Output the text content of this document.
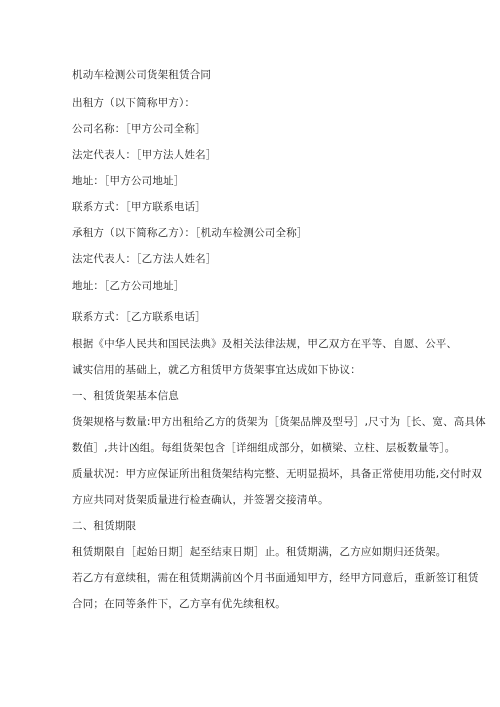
机动车检测公司货架租赁合同
出租方（以下简称甲方）：
公司名称：［甲方公司全称］
法定代表人：［甲方法人姓名］
地址：［甲方公司地址］
联系方式：［甲方联系电话］
承租方（以下简称乙方）：［机动车检测公司全称］
法定代表人：［乙方法人姓名］
地址：［乙方公司地址］
联系方式：［乙方联系电话］
根据《中华人民共和国民法典》及相关法律法规，甲乙双方在平等、自愿、公平、
诚实信用的基础上，就乙方租赁甲方货架事宜达成如下协议：
一、租赁货架基本信息
货架规格与数量:甲方出租给乙方的货架为［货架品牌及型号］,尺寸为［长、宽、高具体
数值］,共计凶组。每组货架包含［详细组成部分，如横梁、立柱、层板数量等］。
质量状况：甲方应保证所出租货架结构完整、无明显损坏，具备正常使用功能,交付时双
方应共同对货架质量进行检查确认，并签署交接清单。
二、租赁期限
租赁期限自［起始日期］起至结束日期］止。租赁期满，乙方应如期归还货架。
若乙方有意续租，需在租赁期满前凶个月书面通知甲方，经甲方同意后，重新签订租赁
合同；在同等条件下，乙方享有优先续租权。
